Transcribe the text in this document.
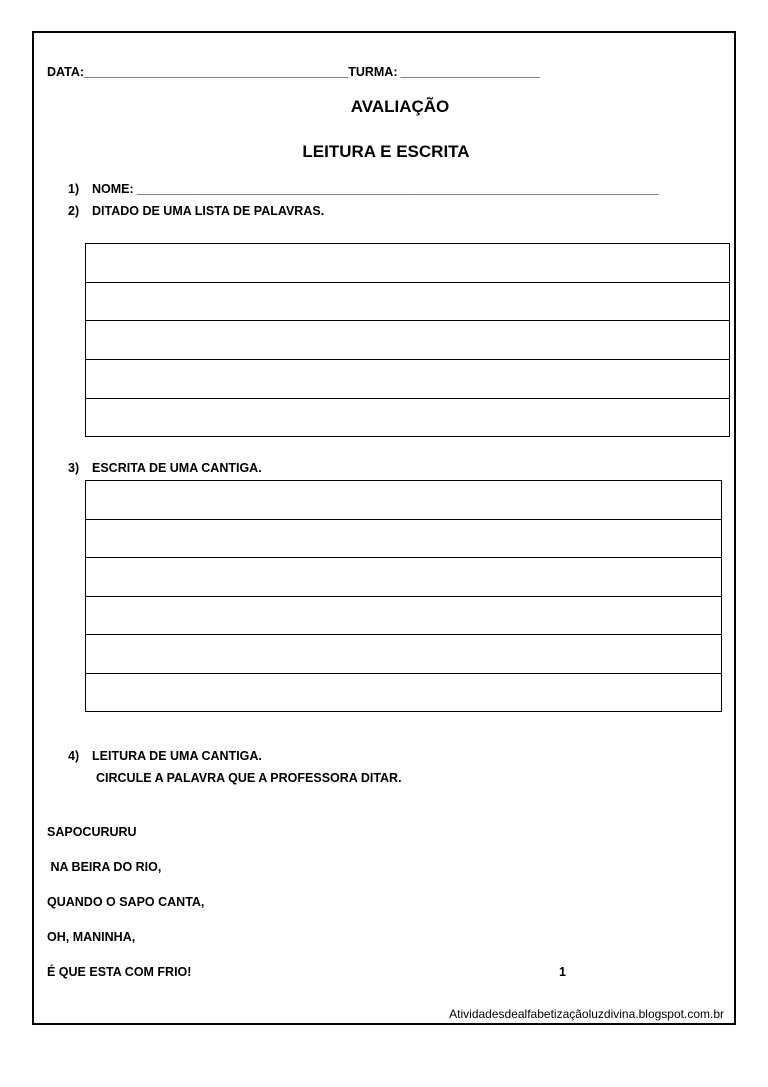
DATA:______________________________________TURMA: ____________________
AVALIAÇÃO
LEITURA E ESCRITA
1) NOME: ___________________________________________________________________________
2) DITADO DE UMA LISTA DE PALAVRAS.
3) ESCRITA DE UMA CANTIGA.
4) LEITURA DE UMA CANTIGA.
CIRCULE A PALAVRA QUE A PROFESSORA DITAR.
SAPOCURURU
NA BEIRA DO RIO,
QUANDO O SAPO CANTA,
OH, MANINHA,
É QUE ESTA COM FRIO!	1
Atividadesdealfabetizaçãoluzdivina.blogspot.com.br
